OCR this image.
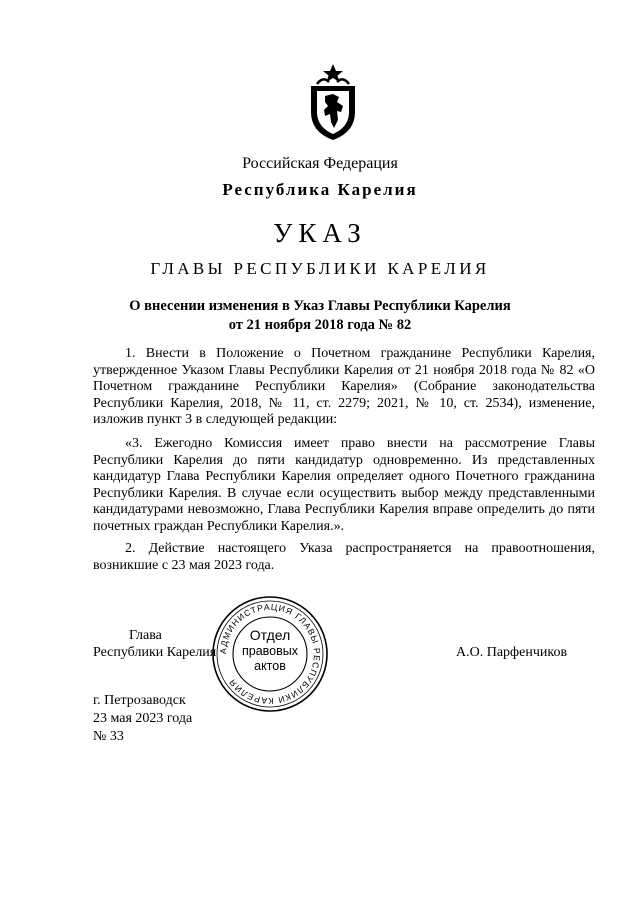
Российская Федерация
Республика Карелия
УКАЗ
ГЛАВЫ РЕСПУБЛИКИ КАРЕЛИЯ
О внесении изменения в Указ Главы Республики Карелия
от 21 ноября 2018 года № 82

1. Внести в Положение о Почетном гражданине Республики Карелия, утвержденное Указом Главы Республики Карелия от 21 ноября 2018 года № 82 «О Почетном гражданине Республики Карелия» (Собрание законодательства Республики Карелия, 2018, № 11, ст. 2279; 2021, № 10, ст. 2534), изменение, изложив пункт 3 в следующей редакции:

«3. Ежегодно Комиссия имеет право внести на рассмотрение Главы Республики Карелия до пяти кандидатур одновременно. Из представленных кандидатур Глава Республики Карелия определяет одного Почетного гражданина Республики Карелия. В случае если осуществить выбор между представленными кандидатурами невозможно, Глава Республики Карелия вправе определить до пяти почетных граждан Республики Карелия.».

2. Действие настоящего Указа распространяется на правоотношения, возникшие с 23 мая 2023 года.

Глава
Республики Карелия	А.О. Парфенчиков
АДМИНИСТРАЦИЯ ГЛАВЫ РЕСПУБЛИКИ КАРЕЛИЯ
Отдел
правовых
актов
г. Петрозаводск
23 мая 2023 года
№ 33
